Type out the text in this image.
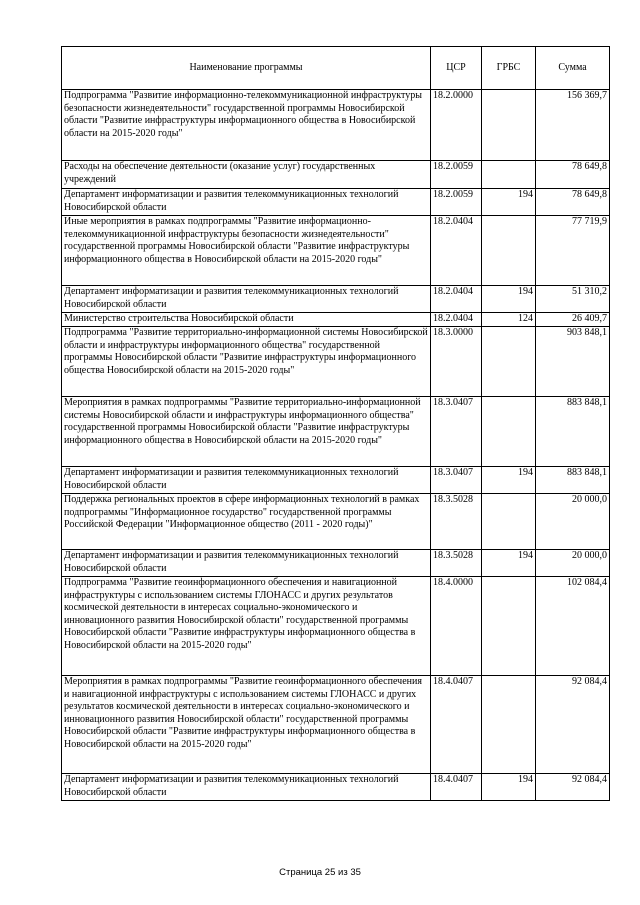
Наименование программы	ЦСР	ГРБС	Сумма
Подпрограмма "Развитие информационно-телекоммуникационной инфраструктуры безопасности жизнедеятельности" государственной программы Новосибирской области "Развитие инфраструктуры информационного общества в Новосибирской области на 2015-2020 годы"	18.2.0000		156 369,7
Расходы на обеспечение деятельности (оказание услуг) государственных учреждений	18.2.0059		78 649,8
Департамент информатизации и развития телекоммуникационных технологий Новосибирской области	18.2.0059	194	78 649,8
Иные мероприятия в рамках подпрограммы "Развитие информационно-телекоммуникационной инфраструктуры безопасности жизнедеятельности" государственной программы Новосибирской области "Развитие инфраструктуры информационного общества в Новосибирской области на 2015-2020 годы"	18.2.0404		77 719,9
Департамент информатизации и развития телекоммуникационных технологий Новосибирской области	18.2.0404	194	51 310,2
Министерство строительства Новосибирской области	18.2.0404	124	26 409,7
Подпрограмма "Развитие территориально-информационной системы Новосибирской области и инфраструктуры информационного общества" государственной программы Новосибирской области "Развитие инфраструктуры информационного общества Новосибирской области на 2015-2020 годы"	18.3.0000		903 848,1
Мероприятия в рамках подпрограммы "Развитие территориально-информационной системы Новосибирской области и инфраструктуры информационного общества" государственной программы Новосибирской области "Развитие инфраструктуры информационного общества в Новосибирской области на 2015-2020 годы"	18.3.0407		883 848,1
Департамент информатизации и развития телекоммуникационных технологий Новосибирской области	18.3.0407	194	883 848,1
Поддержка региональных проектов в сфере информационных технологий в рамках подпрограммы "Информационное государство" государственной программы Российской Федерации "Информационное общество (2011 - 2020 годы)"	18.3.5028		20 000,0
Департамент информатизации и развития телекоммуникационных технологий Новосибирской области	18.3.5028	194	20 000,0
Подпрограмма "Развитие геоинформационного обеспечения и навигационной инфраструктуры с использованием системы ГЛОНАСС и других результатов космической деятельности в интересах социально-экономического и инновационного развития Новосибирской области" государственной программы Новосибирской области "Развитие инфраструктуры информационного общества в Новосибирской области на 2015-2020 годы"	18.4.0000		102 084,4
Мероприятия в рамках подпрограммы "Развитие геоинформационного обеспечения и навигационной инфраструктуры с использованием системы ГЛОНАСС и других результатов космической деятельности в интересах социально-экономического и инновационного развития Новосибирской области" государственной программы Новосибирской области "Развитие инфраструктуры информационного общества в Новосибирской области на 2015-2020 годы"	18.4.0407		92 084,4
Департамент информатизации и развития телекоммуникационных технологий Новосибирской области	18.4.0407	194	92 084,4
Страница 25 из 35
